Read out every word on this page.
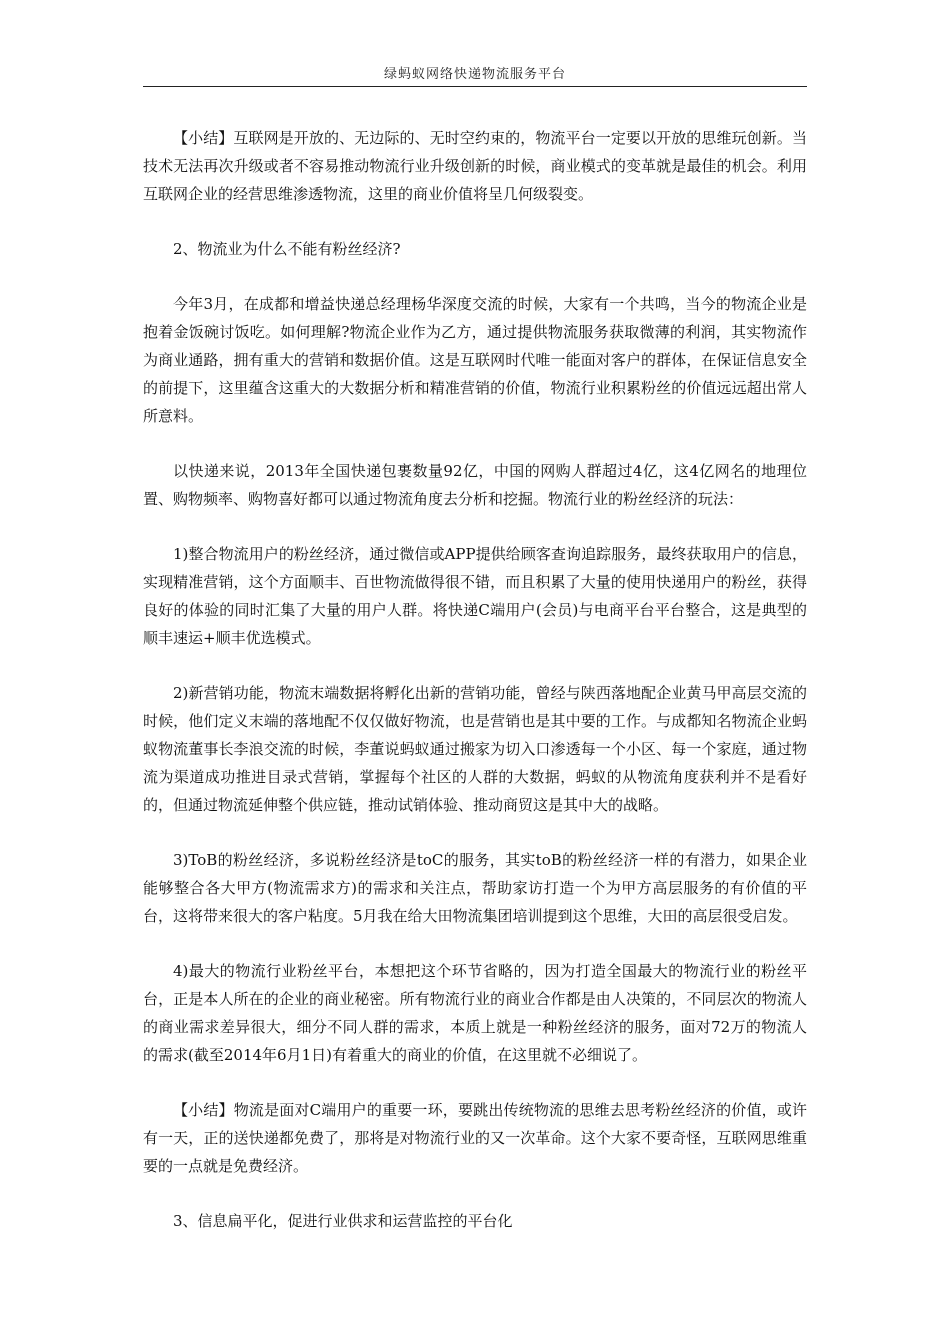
绿蚂蚁网络快递物流服务平台

【小结】互联网是开放的、无边际的、无时空约束的，物流平台一定要以开放的思维玩创新。当技术无法再次升级或者不容易推动物流行业升级创新的时候，商业模式的变革就是最佳的机会。利用互联网企业的经营思维渗透物流，这里的商业价值将呈几何级裂变。

2、物流业为什么不能有粉丝经济?

今年3月，在成都和增益快递总经理杨华深度交流的时候，大家有一个共鸣，当今的物流企业是抱着金饭碗讨饭吃。如何理解?物流企业作为乙方，通过提供物流服务获取微薄的利润，其实物流作为商业通路，拥有重大的营销和数据价值。这是互联网时代唯一能面对客户的群体，在保证信息安全的前提下，这里蕴含这重大的大数据分析和精准营销的价值，物流行业积累粉丝的价值远远超出常人所意料。

以快递来说，2013年全国快递包裹数量92亿，中国的网购人群超过4亿，这4亿网名的地理位置、购物频率、购物喜好都可以通过物流角度去分析和挖掘。物流行业的粉丝经济的玩法：

1)整合物流用户的粉丝经济，通过微信或APP提供给顾客查询追踪服务，最终获取用户的信息，实现精准营销，这个方面顺丰、百世物流做得很不错，而且积累了大量的使用快递用户的粉丝，获得良好的体验的同时汇集了大量的用户人群。将快递C端用户(会员)与电商平台平台整合，这是典型的顺丰速运+顺丰优选模式。

2)新营销功能，物流末端数据将孵化出新的营销功能，曾经与陕西落地配企业黄马甲高层交流的时候，他们定义末端的落地配不仅仅做好物流，也是营销也是其中要的工作。与成都知名物流企业蚂蚁物流董事长李浪交流的时候，李董说蚂蚁通过搬家为切入口渗透每一个小区、每一个家庭，通过物流为渠道成功推进目录式营销，掌握每个社区的人群的大数据，蚂蚁的从物流角度获利并不是看好的，但通过物流延伸整个供应链，推动试销体验、推动商贸这是其中大的战略。

3)ToB的粉丝经济，多说粉丝经济是toC的服务，其实toB的粉丝经济一样的有潜力，如果企业能够整合各大甲方(物流需求方)的需求和关注点，帮助家访打造一个为甲方高层服务的有价值的平台，这将带来很大的客户粘度。5月我在给大田物流集团培训提到这个思维，大田的高层很受启发。

4)最大的物流行业粉丝平台，本想把这个环节省略的，因为打造全国最大的物流行业的粉丝平台，正是本人所在的企业的商业秘密。所有物流行业的商业合作都是由人决策的，不同层次的物流人的商业需求差异很大，细分不同人群的需求，本质上就是一种粉丝经济的服务，面对72万的物流人的需求(截至2014年6月1日)有着重大的商业的价值，在这里就不必细说了。

【小结】物流是面对C端用户的重要一环，要跳出传统物流的思维去思考粉丝经济的价值，或许有一天，正的送快递都免费了，那将是对物流行业的又一次革命。这个大家不要奇怪，互联网思维重要的一点就是免费经济。

3、信息扁平化，促进行业供求和运营监控的平台化
